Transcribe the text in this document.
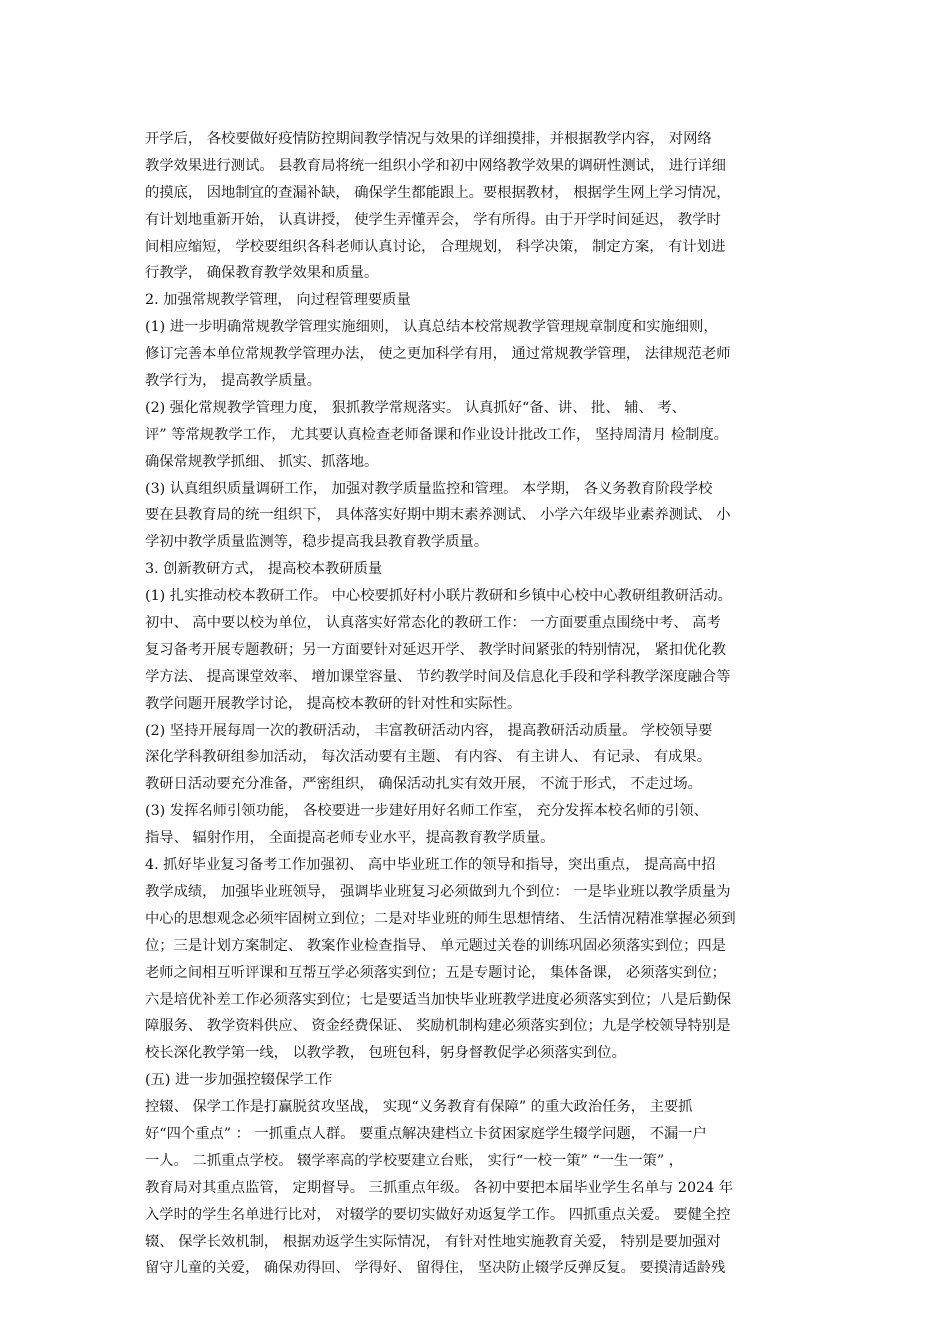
开学后， 各校要做好疫情防控期间教学情况与效果的详细摸排，并根据教学内容， 对网络
教学效果进行测试。 县教育局将统一组织小学和初中网络教学效果的调研性测试， 进行详细
的摸底， 因地制宜的查漏补缺， 确保学生都能跟上。要根据教材， 根据学生网上学习情况，
有计划地重新开始， 认真讲授， 使学生弄懂弄会， 学有所得。由于开学时间延迟， 教学时
间相应缩短， 学校要组织各科老师认真讨论， 合理规划， 科学决策， 制定方案， 有计划进
行教学， 确保教育教学效果和质量。
2. 加强常规教学管理， 向过程管理要质量
(1) 进一步明确常规教学管理实施细则， 认真总结本校常规教学管理规章制度和实施细则，
修订完善本单位常规教学管理办法， 使之更加科学有用， 通过常规教学管理， 法律规范老师
教学行为， 提高教学质量。
(2) 强化常规教学管理力度， 狠抓教学常规落实。 认真抓好“备、讲、 批、 辅、 考、
评” 等常规教学工作， 尤其要认真检查老师备课和作业设计批改工作， 坚持周清月 检制度。
确保常规教学抓细、 抓实、抓落地。
(3) 认真组织质量调研工作， 加强对教学质量监控和管理。 本学期， 各义务教育阶段学校
要在县教育局的统一组织下， 具体落实好期中期末素养测试、 小学六年级毕业素养测试、 小
学初中教学质量监测等，稳步提高我县教育教学质量。
3. 创新教研方式， 提高校本教研质量
(1) 扎实推动校本教研工作。 中心校要抓好村小联片教研和乡镇中心校中心教研组教研活动。
初中、 高中要以校为单位， 认真落实好常态化的教研工作： 一方面要重点围绕中考、 高考
复习备考开展专题教研；另一方面要针对延迟开学、 教学时间紧张的特别情况， 紧扣优化教
学方法、 提高课堂效率、 增加课堂容量、 节约教学时间及信息化手段和学科教学深度融合等
教学问题开展教学讨论， 提高校本教研的针对性和实际性。
(2) 坚持开展每周一次的教研活动， 丰富教研活动内容， 提高教研活动质量。 学校领导要
深化学科教研组参加活动， 每次活动要有主题、 有内容、 有主讲人、 有记录、 有成果。
教研日活动要充分准备，严密组织， 确保活动扎实有效开展， 不流于形式， 不走过场。
(3) 发挥名师引领功能， 各校要进一步建好用好名师工作室， 充分发挥本校名师的引领、
指导、 辐射作用， 全面提高老师专业水平，提高教育教学质量。
4. 抓好毕业复习备考工作加强初、 高中毕业班工作的领导和指导，突出重点， 提高高中招
教学成绩， 加强毕业班领导， 强调毕业班复习必须做到九个到位： 一是毕业班以教学质量为
中心的思想观念必须牢固树立到位；二是对毕业班的师生思想情绪、 生活情况精准掌握必须到
位；三是计划方案制定、 教案作业检查指导、 单元题过关卷的训练巩固必须落实到位；四是
老师之间相互听评课和互帮互学必须落实到位；五是专题讨论， 集体备课， 必须落实到位；
六是培优补差工作必须落实到位；七是要适当加快毕业班教学进度必须落实到位；八是后勤保
障服务、 教学资料供应、 资金经费保证、 奖励机制构建必须落实到位；九是学校领导特别是
校长深化教学第一线， 以教学教， 包班包科，躬身督教促学必须落实到位。
(五) 进一步加强控辍保学工作
控辍、 保学工作是打赢脱贫攻坚战， 实现“义务教育有保障” 的重大政治任务， 主要抓
好“四个重点” ： 一抓重点人群。 要重点解决建档立卡贫困家庭学生辍学问题， 不漏一户
一人。 二抓重点学校。 辍学率高的学校要建立台账， 实行“一校一策” “一生一策” ，
教育局对其重点监管， 定期督导。 三抓重点年级。 各初中要把本届毕业学生名单与 2024 年
入学时的学生名单进行比对， 对辍学的要切实做好劝返复学工作。 四抓重点关爱。 要健全控
辍、 保学长效机制， 根据劝返学生实际情况， 有针对性地实施教育关爱， 特别是要加强对
留守儿童的关爱， 确保劝得回、 学得好、 留得住， 坚决防止辍学反弹反复。 要摸清适龄残
